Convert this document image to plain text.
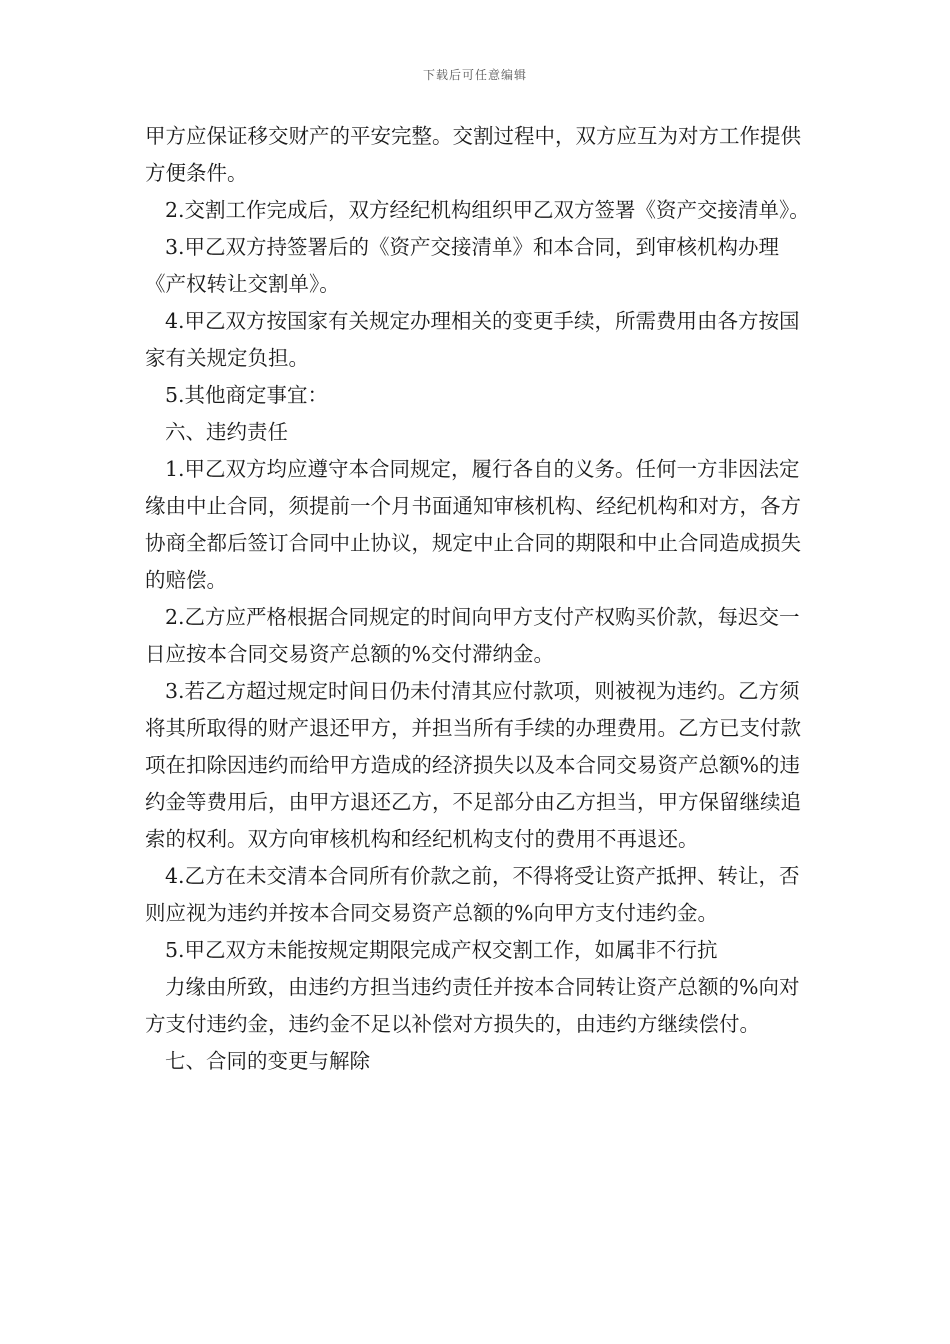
下载后可任意编辑

甲方应保证移交财产的平安完整。交割过程中，双方应互为对方工作提供方便条件。

2.交割工作完成后，双方经纪机构组织甲乙双方签署《资产交接清单》。

3.甲乙双方持签署后的《资产交接清单》和本合同，到审核机构办理《产权转让交割单》。

4.甲乙双方按国家有关规定办理相关的变更手续，所需费用由各方按国家有关规定负担。

5.其他商定事宜：

六、违约责任

1.甲乙双方均应遵守本合同规定，履行各自的义务。任何一方非因法定缘由中止合同，须提前一个月书面通知审核机构、经纪机构和对方，各方协商全都后签订合同中止协议，规定中止合同的期限和中止合同造成损失的赔偿。

2.乙方应严格根据合同规定的时间向甲方支付产权购买价款，每迟交一日应按本合同交易资产总额的%交付滞纳金。

3.若乙方超过规定时间日仍未付清其应付款项，则被视为违约。乙方须将其所取得的财产退还甲方，并担当所有手续的办理费用。乙方已支付款项在扣除因违约而给甲方造成的经济损失以及本合同交易资产总额%的违约金等费用后，由甲方退还乙方，不足部分由乙方担当，甲方保留继续追索的权利。双方向审核机构和经纪机构支付的费用不再退还。

4.乙方在未交清本合同所有价款之前，不得将受让资产抵押、转让，否则应视为违约并按本合同交易资产总额的%向甲方支付违约金。

5.甲乙双方未能按规定期限完成产权交割工作，如属非不行抗
力缘由所致，由违约方担当违约责任并按本合同转让资产总额的%向对方支付违约金，违约金不足以补偿对方损失的，由违约方继续偿付。

七、合同的变更与解除
